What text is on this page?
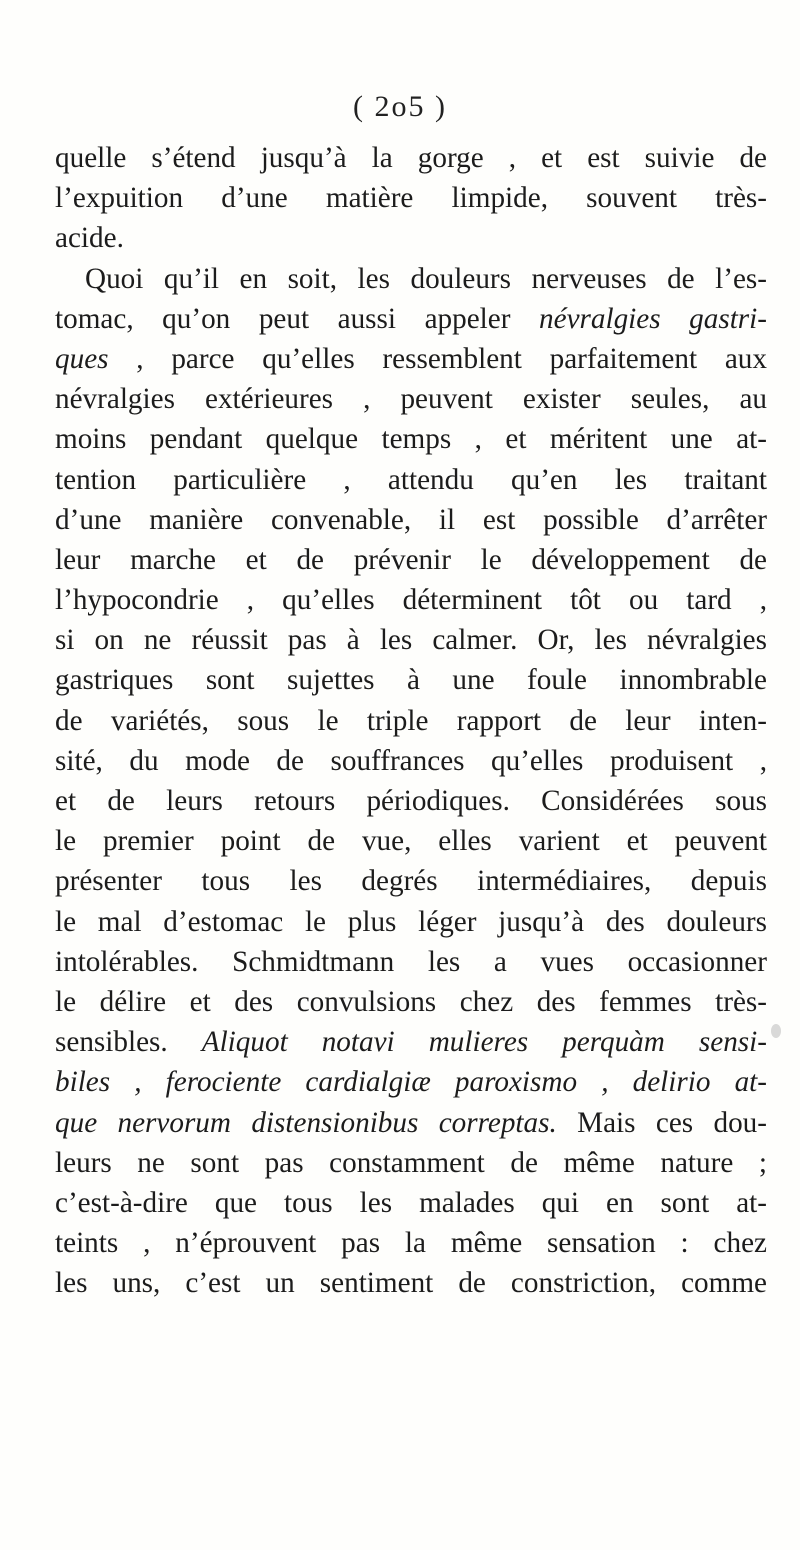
( 2o5 )
quelle s’étend jusqu’à la gorge , et est suivie de
l’expuition d’une matière limpide, souvent très-
acide.
Quoi qu’il en soit, les douleurs nerveuses de l’es-
tomac, qu’on peut aussi appeler névralgies gastri-
ques , parce qu’elles ressemblent parfaitement aux
névralgies extérieures , peuvent exister seules, au
moins pendant quelque temps , et méritent une at-
tention particulière , attendu qu’en les traitant
d’une manière convenable, il est possible d’arrêter
leur marche et de prévenir le développement de
l’hypocondrie , qu’elles déterminent tôt ou tard ,
si on ne réussit pas à les calmer. Or, les névralgies
gastriques sont sujettes à une foule innombrable
de variétés, sous le triple rapport de leur inten-
sité, du mode de souffrances qu’elles produisent ,
et de leurs retours périodiques. Considérées sous
le premier point de vue, elles varient et peuvent
présenter tous les degrés intermédiaires, depuis
le mal d’estomac le plus léger jusqu’à des douleurs
intolérables. Schmidtmann les a vues occasionner
le délire et des convulsions chez des femmes très-
sensibles. Aliquot notavi mulieres perquàm sensi-
biles , ferociente cardialgiæ paroxismo , delirio at-
que nervorum distensionibus correptas. Mais ces dou-
leurs ne sont pas constamment de même nature ;
c’est-à-dire que tous les malades qui en sont at-
teints , n’éprouvent pas la même sensation : chez
les uns, c’est un sentiment de constriction, comme
